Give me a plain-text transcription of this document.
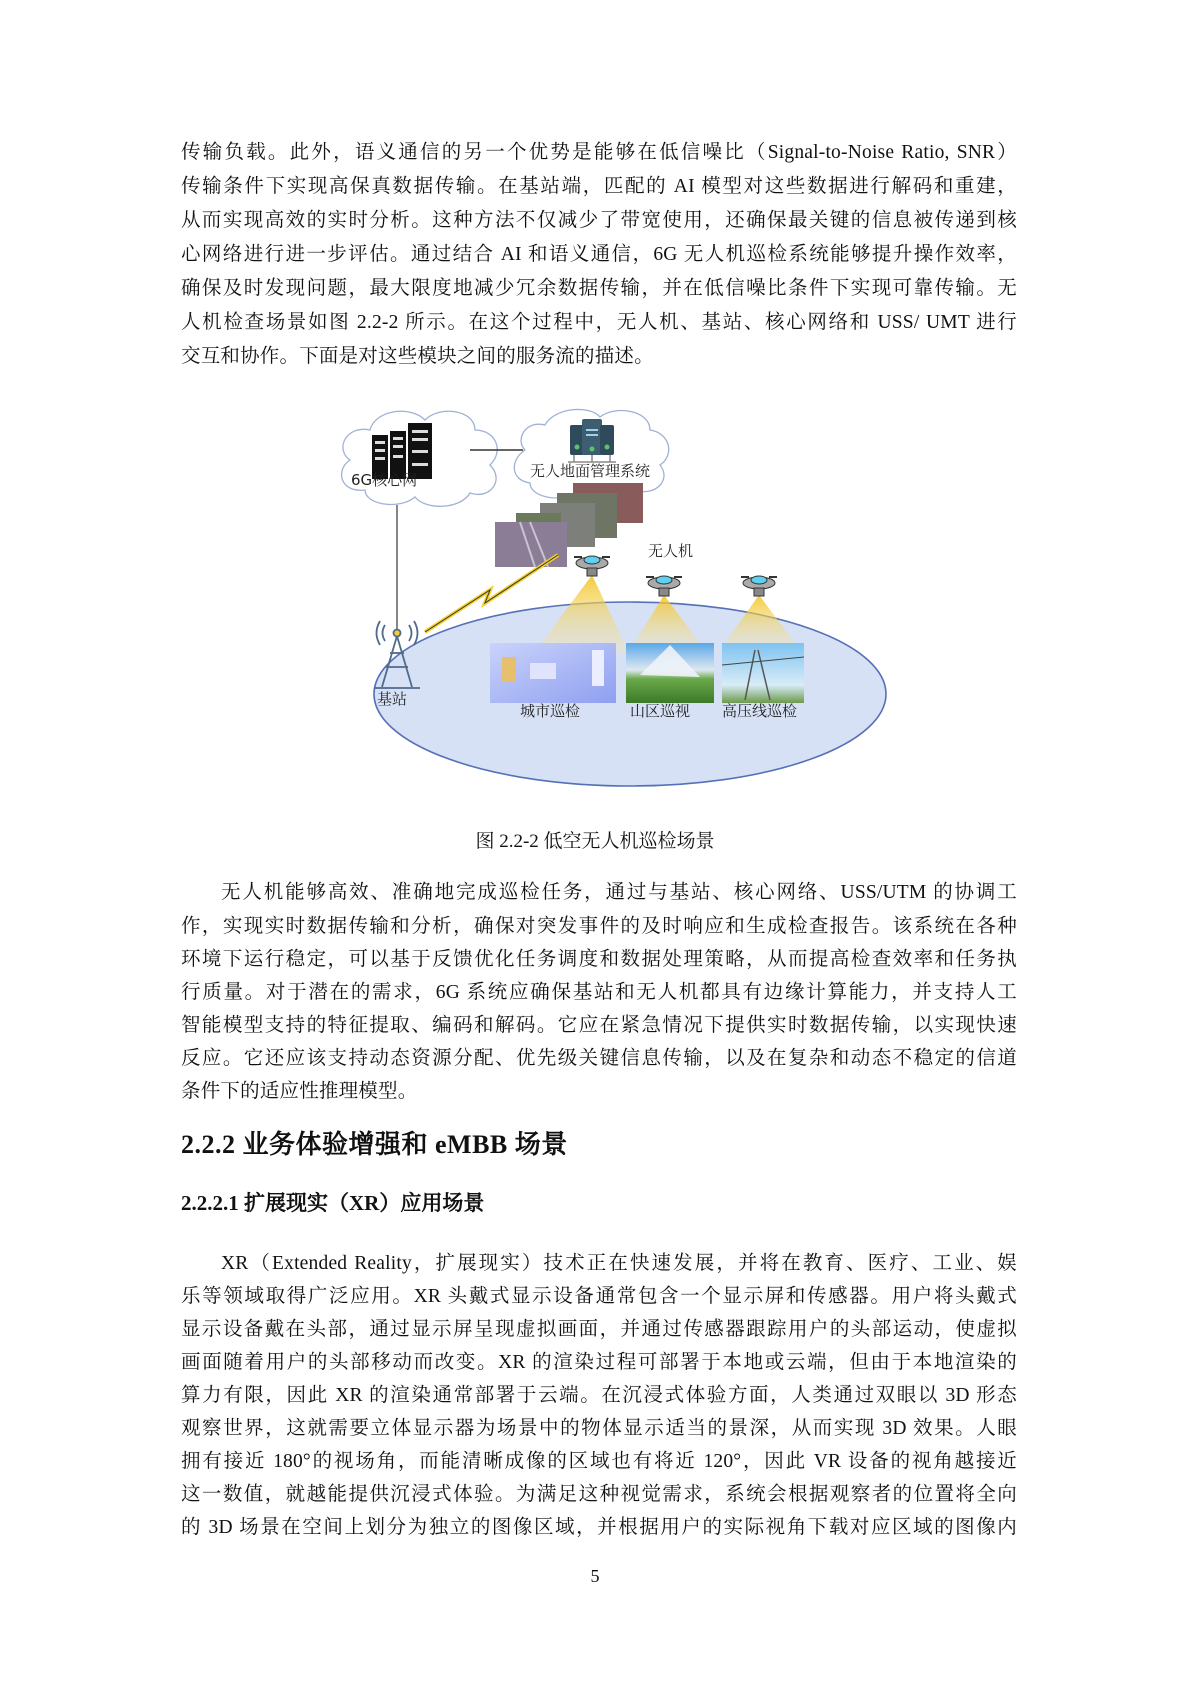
传输负载。此外，语义通信的另一个优势是能够在低信噪比（Signal-to-Noise Ratio, SNR）
传输条件下实现高保真数据传输。在基站端，匹配的 AI 模型对这些数据进行解码和重建，
从而实现高效的实时分析。这种方法不仅减少了带宽使用，还确保最关键的信息被传递到核
心网络进行进一步评估。通过结合 AI 和语义通信，6G 无人机巡检系统能够提升操作效率，
确保及时发现问题，最大限度地减少冗余数据传输，并在低信噪比条件下实现可靠传输。无
人机检查场景如图 2.2-2 所示。在这个过程中，无人机、基站、核心网络和 USS/ UMT 进行
交互和协作。下面是对这些模块之间的服务流的描述。
6G核心网	无人地面管理系统
无人机
基站
城市巡检	山区巡视 高压线巡检
图 2.2-2 低空无人机巡检场景
无人机能够高效、准确地完成巡检任务，通过与基站、核心网络、USS/UTM 的协调工
作，实现实时数据传输和分析，确保对突发事件的及时响应和生成检查报告。该系统在各种
环境下运行稳定，可以基于反馈优化任务调度和数据处理策略，从而提高检查效率和任务执
行质量。对于潜在的需求，6G 系统应确保基站和无人机都具有边缘计算能力，并支持人工
智能模型支持的特征提取、编码和解码。它应在紧急情况下提供实时数据传输，以实现快速
反应。它还应该支持动态资源分配、优先级关键信息传输，以及在复杂和动态不稳定的信道
条件下的适应性推理模型。
2.2.2 业务体验增强和 eMBB 场景
2.2.2.1 扩展现实（XR）应用场景
XR（Extended Reality，扩展现实）技术正在快速发展，并将在教育、医疗、工业、娱
乐等领域取得广泛应用。XR 头戴式显示设备通常包含一个显示屏和传感器。用户将头戴式
显示设备戴在头部，通过显示屏呈现虚拟画面，并通过传感器跟踪用户的头部运动，使虚拟
画面随着用户的头部移动而改变。XR 的渲染过程可部署于本地或云端，但由于本地渲染的
算力有限，因此 XR 的渲染通常部署于云端。在沉浸式体验方面，人类通过双眼以 3D 形态
观察世界，这就需要立体显示器为场景中的物体显示适当的景深，从而实现 3D 效果。人眼
拥有接近 180°的视场角，而能清晰成像的区域也有将近 120°，因此 VR 设备的视角越接近
这一数值，就越能提供沉浸式体验。为满足这种视觉需求，系统会根据观察者的位置将全向
的 3D 场景在空间上划分为独立的图像区域，并根据用户的实际视角下载对应区域的图像内
5
